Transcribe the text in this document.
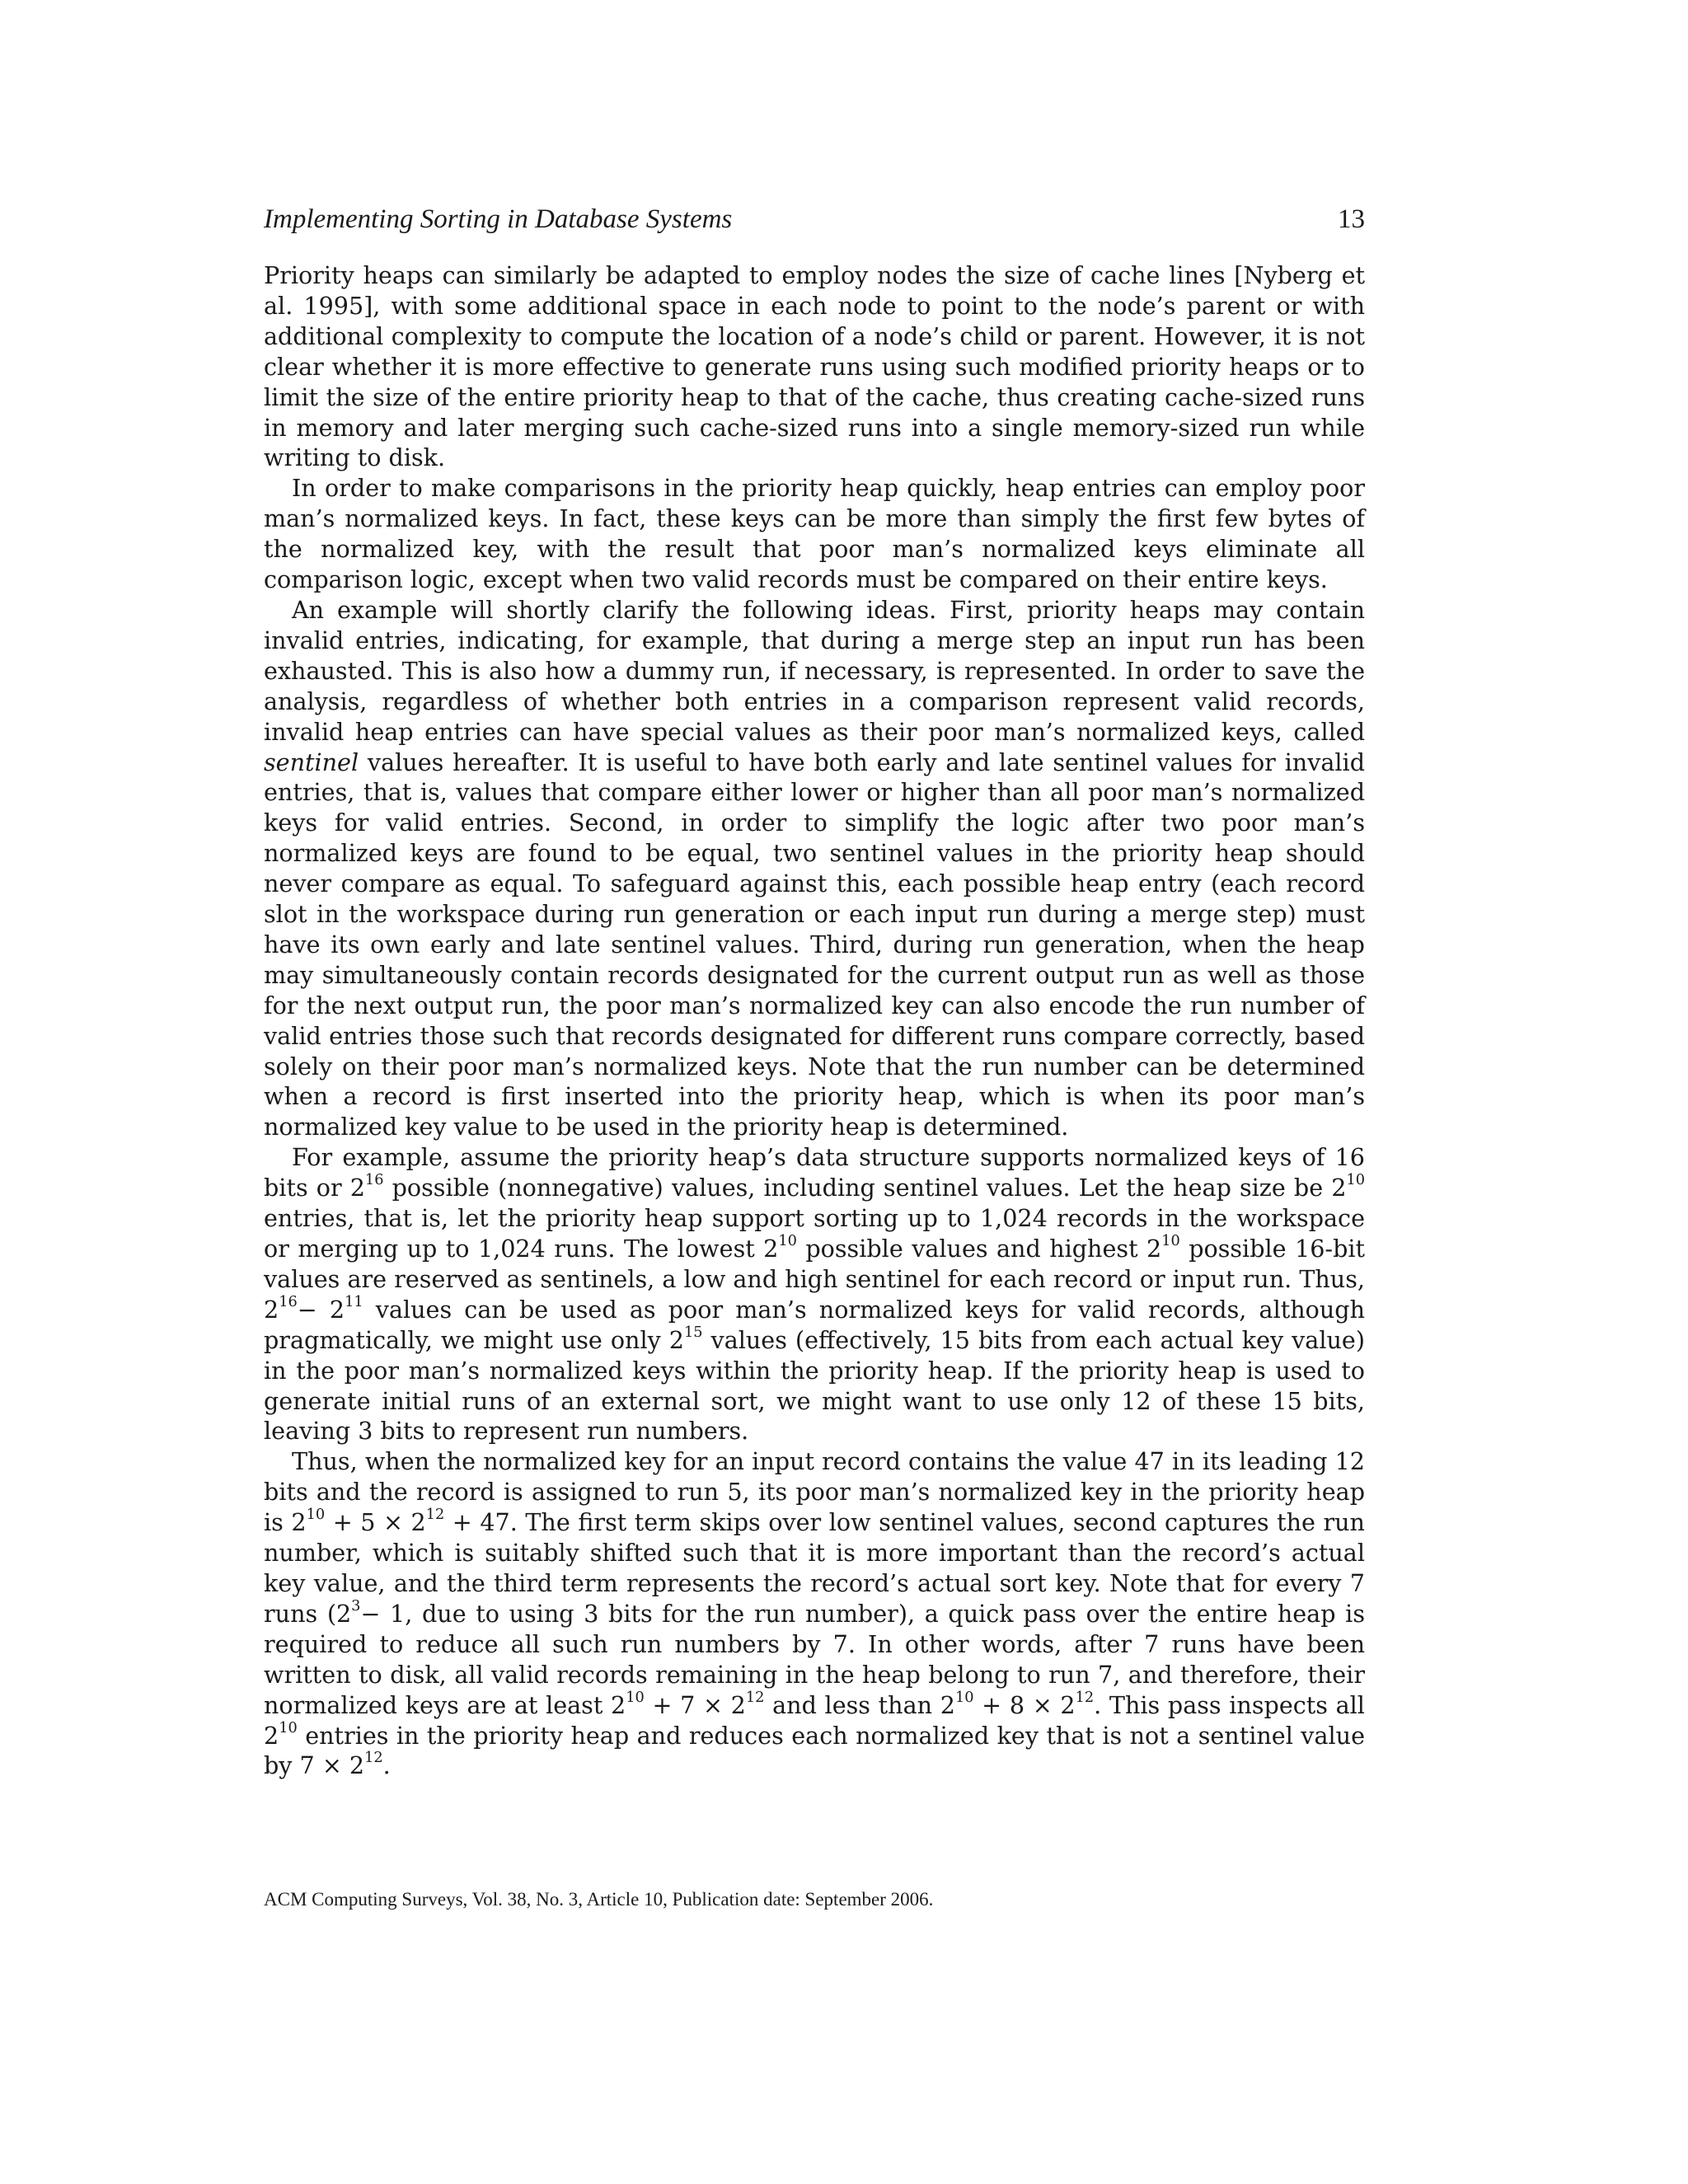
Implementing Sorting in Database Systems	13

Priority heaps can similarly be adapted to employ nodes the size of cache lines [Nyberg et al. 1995], with some additional space in each node to point to the node’s parent or with additional complexity to compute the location of a node’s child or parent. However, it is not clear whether it is more effective to generate runs using such modified priority heaps or to limit the size of the entire priority heap to that of the cache, thus creating cache-sized runs in memory and later merging such cache-sized runs into a single memory-sized run while writing to disk.

In order to make comparisons in the priority heap quickly, heap entries can employ poor man’s normalized keys. In fact, these keys can be more than simply the first few bytes of the normalized key, with the result that poor man’s normalized keys eliminate all comparison logic, except when two valid records must be compared on their entire keys.

An example will shortly clarify the following ideas. First, priority heaps may contain invalid entries, indicating, for example, that during a merge step an input run has been exhausted. This is also how a dummy run, if necessary, is represented. In order to save the analysis, regardless of whether both entries in a comparison represent valid records, invalid heap entries can have special values as their poor man’s normalized keys, called sentinel values hereafter. It is useful to have both early and late sentinel values for invalid entries, that is, values that compare either lower or higher than all poor man’s normalized keys for valid entries. Second, in order to simplify the logic after two poor man’s normalized keys are found to be equal, two sentinel values in the priority heap should never compare as equal. To safeguard against this, each possible heap entry (each record slot in the workspace during run generation or each input run during a merge step) must have its own early and late sentinel values. Third, during run generation, when the heap may simultaneously contain records designated for the current output run as well as those for the next output run, the poor man’s normalized key can also encode the run number of valid entries those such that records designated for different runs compare correctly, based solely on their poor man’s normalized keys. Note that the run number can be determined when a record is first inserted into the priority heap, which is when its poor man’s normalized key value to be used in the priority heap is determined.

For example, assume the priority heap’s data structure supports normalized keys of 16 bits or $2^{16}$ possible (nonnegative) values, including sentinel values. Let the heap size be $2^{10}$ entries, that is, let the priority heap support sorting up to 1,024 records in the workspace or merging up to 1,024 runs. The lowest $2^{10}$ possible values and highest $2^{10}$ possible 16-bit values are reserved as sentinels, a low and high sentinel for each record or input run. Thus, $2^{16}- 2^{11}$ values can be used as poor man’s normalized keys for valid records, although pragmatically, we might use only $2^{15}$ values (effectively, 15 bits from each actual key value) in the poor man’s normalized keys within the priority heap. If the priority heap is used to generate initial runs of an external sort, we might want to use only 12 of these 15 bits, leaving 3 bits to represent run numbers.

Thus, when the normalized key for an input record contains the value 47 in its leading 12 bits and the record is assigned to run 5, its poor man’s normalized key in the priority heap is $2^{10} + 5 \times 2^{12} + 47$. The first term skips over low sentinel values, second captures the run number, which is suitably shifted such that it is more important than the record’s actual key value, and the third term represents the record’s actual sort key. Note that for every 7 runs ($2^3- 1$, due to using 3 bits for the run number), a quick pass over the entire heap is required to reduce all such run numbers by 7. In other words, after 7 runs have been written to disk, all valid records remaining in the heap belong to run 7, and therefore, their normalized keys are at least $2^{10} + 7 \times 2^{12}$ and less than $2^{10} + 8 \times 2^{12}$. This pass inspects all $2^{10}$ entries in the priority heap and reduces each normalized key that is not a sentinel value by $7 \times 2^{12}$.

ACM Computing Surveys, Vol. 38, No. 3, Article 10, Publication date: September 2006.
